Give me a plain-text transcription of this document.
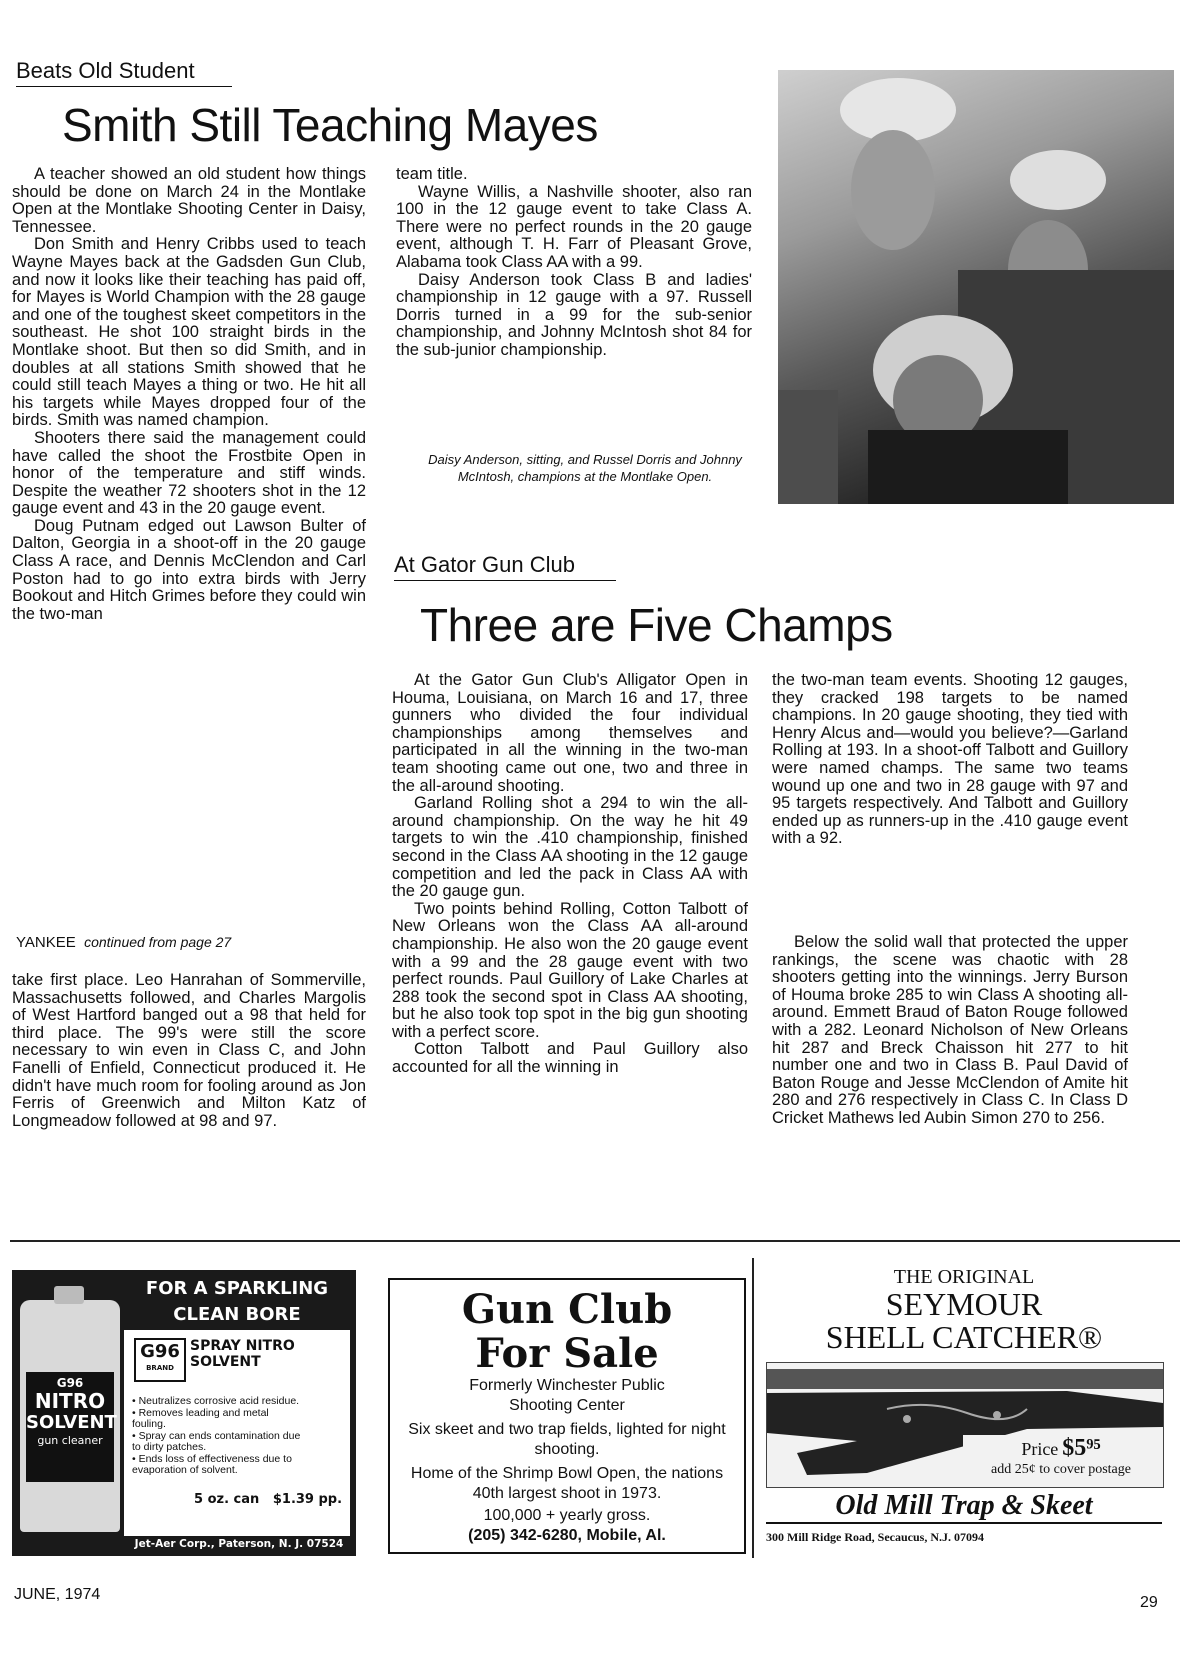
Beats Old Student
Smith Still Teaching Mayes

A teacher showed an old student how things should be done on March 24 in the Montlake Open at the Montlake Shooting Center in Daisy, Tennessee.

Don Smith and Henry Cribbs used to teach Wayne Mayes back at the Gadsden Gun Club, and now it looks like their teaching has paid off, for Mayes is World Champion with the 28 gauge and one of the toughest skeet competitors in the southeast. He shot 100 straight birds in the Montlake shoot. But then so did Smith, and in doubles at all stations Smith showed that he could still teach Mayes a thing or two. He hit all his targets while Mayes dropped four of the birds. Smith was named champion.

Shooters there said the management could have called the shoot the Frostbite Open in honor of the temperature and stiff winds. Despite the weather 72 shooters shot in the 12 gauge event and 43 in the 20 gauge event.

Doug Putnam edged out Lawson Bulter of Dalton, Georgia in a shoot-off in the 20 gauge Class A race, and Dennis McClendon and Carl Poston had to go into extra birds with Jerry Bookout and Hitch Grimes before they could win the two-man

team title.

Wayne Willis, a Nashville shooter, also ran 100 in the 12 gauge event to take Class A. There were no perfect rounds in the 20 gauge event, although T. H. Farr of Pleasant Grove, Alabama took Class AA with a 99.

Daisy Anderson took Class B and ladies' championship in 12 gauge with a 97. Russell Dorris turned in a 99 for the sub-senior championship, and Johnny McIntosh shot 84 for the sub-junior championship.

Daisy Anderson, sitting, and Russel Dorris and Johnny McIntosh, champions at the Montlake Open.
At Gator Gun Club
Three are Five Champs

At the Gator Gun Club's Alligator Open in Houma, Louisiana, on March 16 and 17, three gunners who divided the four individual championships among themselves and participated in all the winning in the two-man team shooting came out one, two and three in the all-around shooting.

Garland Rolling shot a 294 to win the all-around championship. On the way he hit 49 targets to win the .410 championship, finished second in the Class AA shooting in the 12 gauge competition and led the pack in Class AA with the 20 gauge gun.

Two points behind Rolling, Cotton Talbott of New Orleans won the Class AA all-around championship. He also won the 20 gauge event with a 99 and the 28 gauge event with two perfect rounds. Paul Guillory of Lake Charles at 288 took the second spot in Class AA shooting, but he also took top spot in the big gun shooting with a perfect score.

Cotton Talbott and Paul Guillory also accounted for all the winning in

the two-man team events. Shooting 12 gauges, they cracked 198 targets to be named champions. In 20 gauge shooting, they tied with Henry Alcus and—would you believe?—Garland Rolling at 193. In a shoot-off Talbott and Guillory were named champs. The same two teams wound up one and two in 28 gauge with 97 and 95 targets respectively. And Talbott and Guillory ended up as runners-up in the .410 gauge event with a 92.

Below the solid wall that protected the upper rankings, the scene was chaotic with 28 shooters getting into the winnings. Jerry Burson of Houma broke 285 to win Class A shooting all-around. Emmett Braud of Baton Rouge followed with a 282. Leonard Nicholson of New Orleans hit 287 and Breck Chaisson hit 277 to hit number one and two in Class B. Paul David of Baton Rouge and Jesse McClendon of Amite hit 280 and 276 respectively in Class C. In Class D Cricket Mathews led Aubin Simon 270 to 256.

YANKEE continued from page 27

take first place. Leo Hanrahan of Sommerville, Massachusetts followed, and Charles Margolis of West Hartford banged out a 98 that held for third place. The 99's were still the score necessary to win even in Class C, and John Fanelli of Enfield, Connecticut produced it. He didn't have much room for fooling around as Jon Ferris of Greenwich and Milton Katz of Longmeadow followed at 98 and 97.

FOR A SPARKLING
CLEAN BORE
G96
NITRO
SOLVENT
gun cleaner
G96
BRAND
SPRAY NITRO
SOLVENT
• Neutralizes corrosive acid residue.
• Removes leading and metal fouling.
• Spray can ends contamination due to dirty patches.
• Ends loss of effectiveness due to evaporation of solvent.
5 oz. can $1.39 pp.
Jet-Aer Corp., Paterson, N. J. 07524
Gun Club
For Sale
Formerly Winchester Public
Shooting Center
Six skeet and two trap fields, lighted for night shooting.
Home of the Shrimp Bowl Open, the nations 40th largest shoot in 1973.
100,000 + yearly gross.
(205) 342-6280, Mobile, Al.
THE ORIGINAL
SEYMOUR
SHELL CATCHER®
Price $5⁹⁵
add 25¢ to cover postage
Old Mill Trap & Skeet
300 Mill Ridge Road, Secaucus, N.J. 07094
JUNE, 1974	29
